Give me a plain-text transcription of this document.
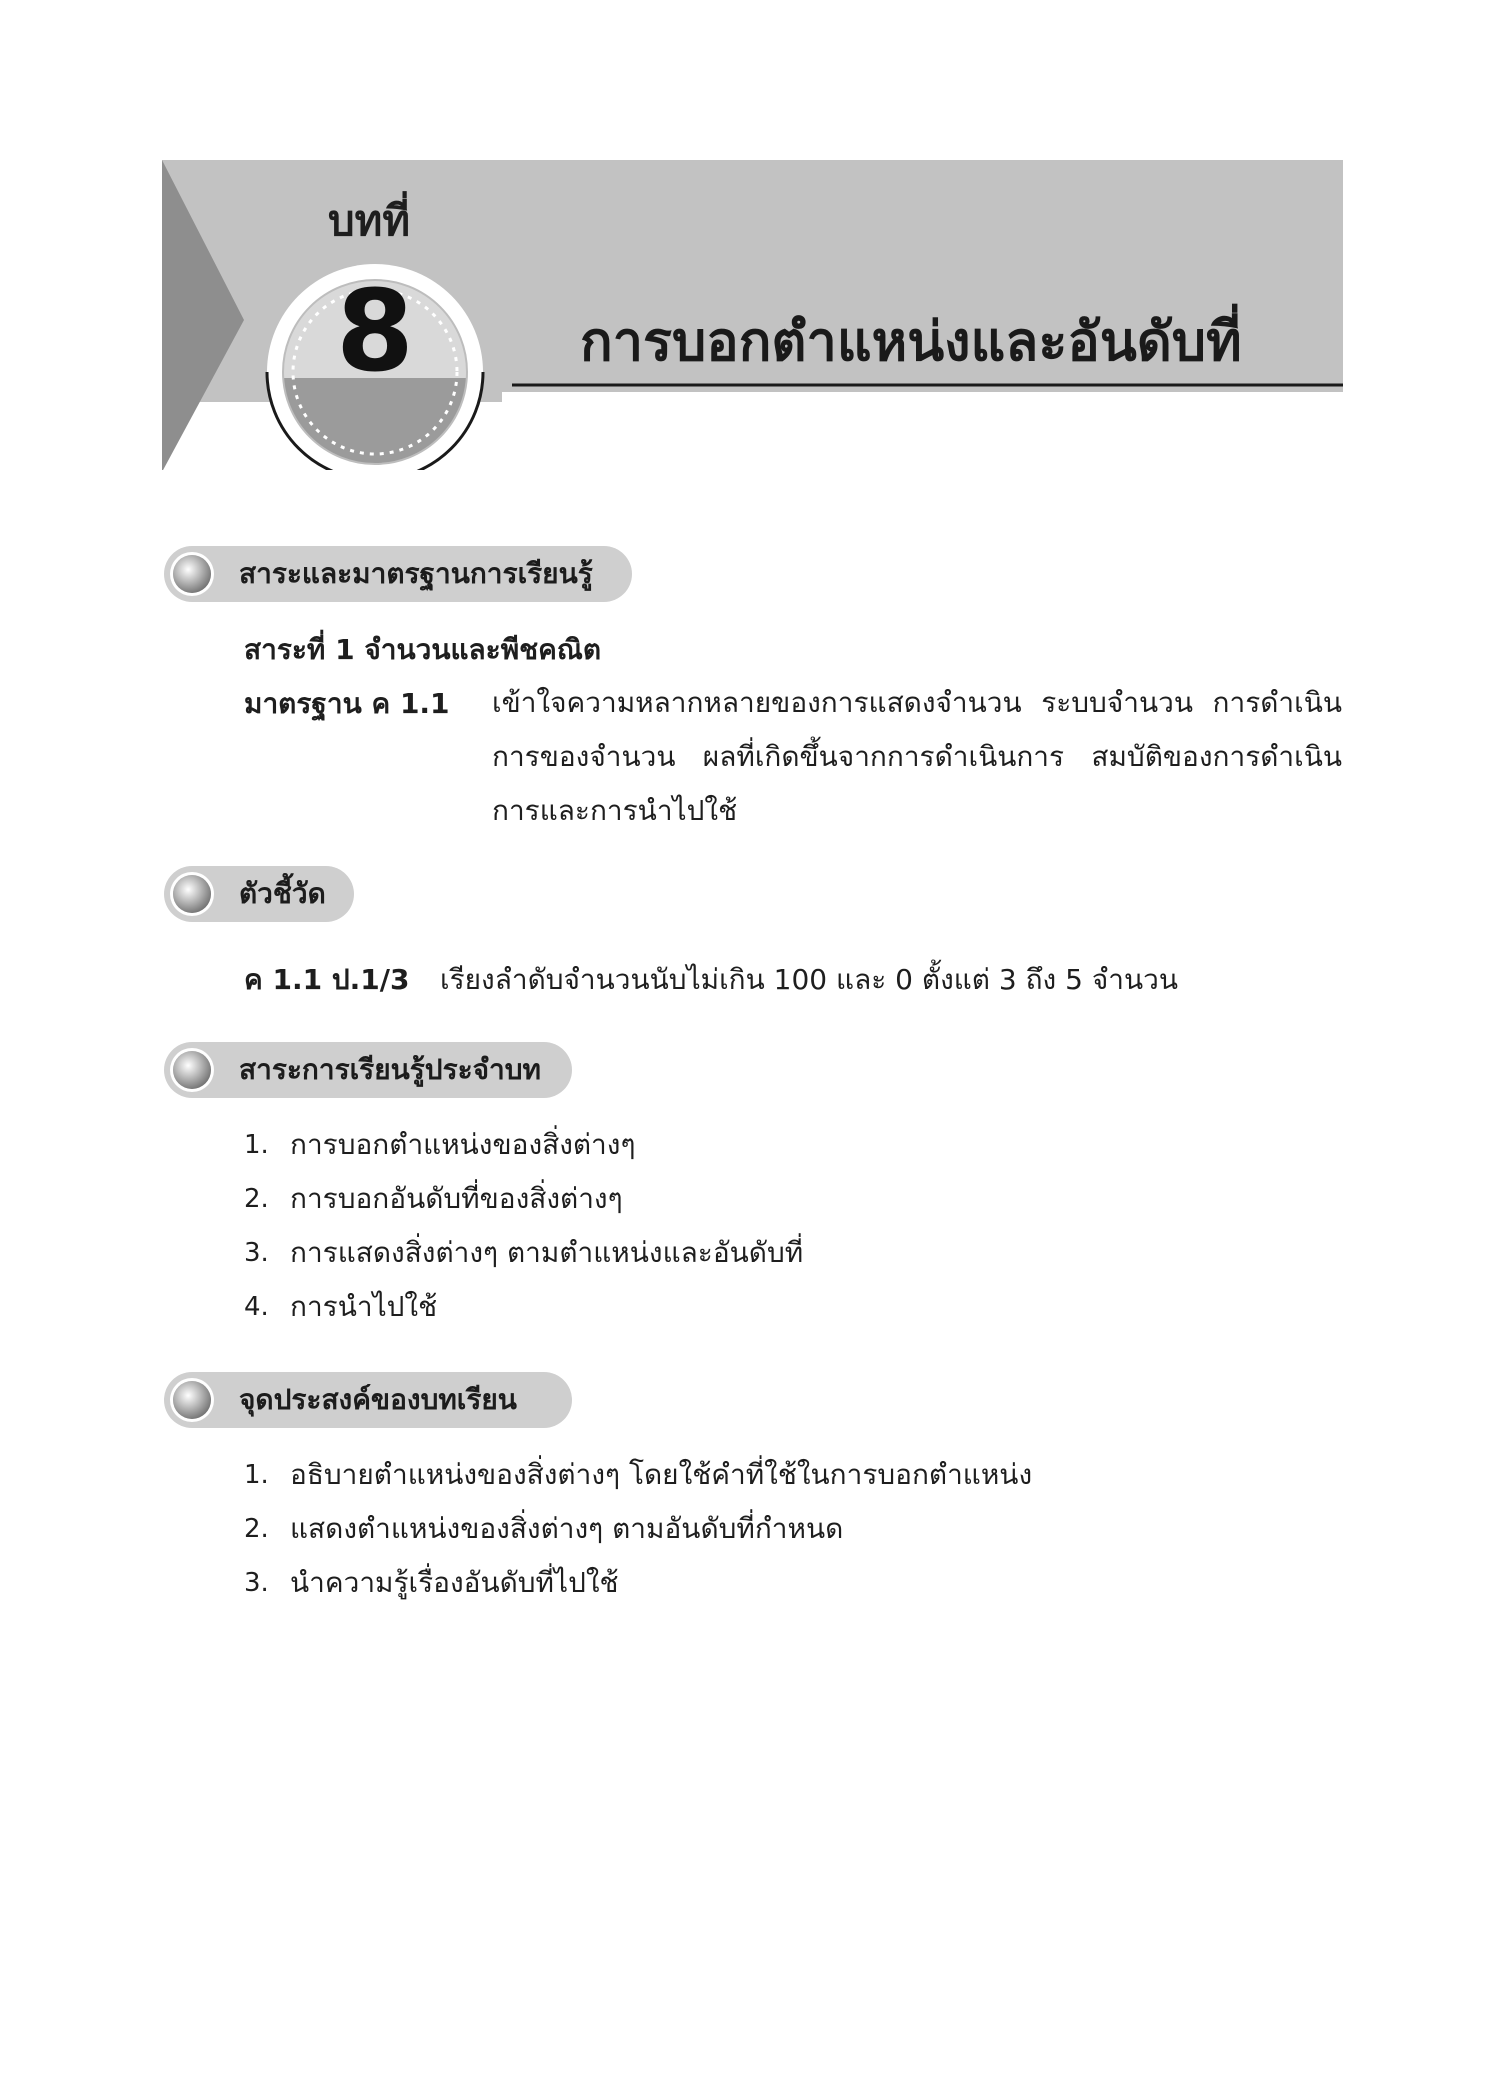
บทที่
8	การบอกตำแหน่งและอันดับที่
สาระและมาตรฐานการเรียนรู้
สาระที่ 1 จำนวนและพีชคณิต
มาตรฐาน ค 1.1 เข้าใจความหลากหลายของการแสดงจำนวน ระบบจำนวน การดำเนินการของจำนวน ผลที่เกิดขึ้นจากการดำเนินการ สมบัติของการดำเนินการและการนำไปใช้
ตัวชี้วัด
ค 1.1 ป.1/3 เรียงลำดับจำนวนนับไม่เกิน 100 และ 0 ตั้งแต่ 3 ถึง 5 จำนวน
สาระการเรียนรู้ประจำบท
1. การบอกตำแหน่งของสิ่งต่างๆ
2. การบอกอันดับที่ของสิ่งต่างๆ
3. การแสดงสิ่งต่างๆ ตามตำแหน่งและอันดับที่
4. การนำไปใช้
จุดประสงค์ของบทเรียน
1. อธิบายตำแหน่งของสิ่งต่างๆ โดยใช้คำที่ใช้ในการบอกตำแหน่ง
2. แสดงตำแหน่งของสิ่งต่างๆ ตามอันดับที่กำหนด
3. นำความรู้เรื่องอันดับที่ไปใช้
